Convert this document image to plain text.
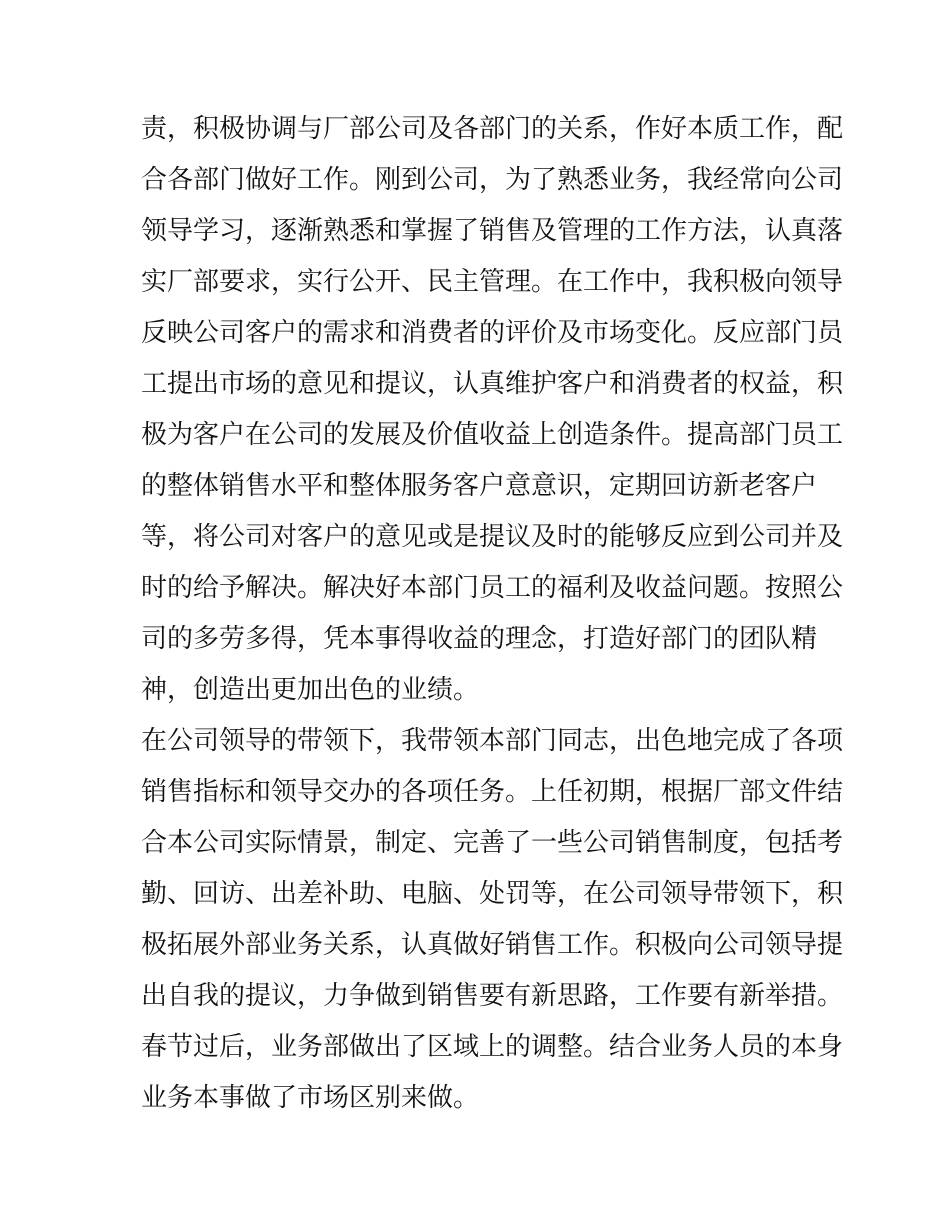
责，积极协调与厂部公司及各部门的关系，作好本质工作，配
合各部门做好工作。刚到公司，为了熟悉业务，我经常向公司
领导学习，逐渐熟悉和掌握了销售及管理的工作方法，认真落
实厂部要求，实行公开、民主管理。在工作中，我积极向领导
反映公司客户的需求和消费者的评价及市场变化。反应部门员
工提出市场的意见和提议，认真维护客户和消费者的权益，积
极为客户在公司的发展及价值收益上创造条件。提高部门员工
的整体销售水平和整体服务客户意意识，定期回访新老客户
等，将公司对客户的意见或是提议及时的能够反应到公司并及
时的给予解决。解决好本部门员工的福利及收益问题。按照公
司的多劳多得，凭本事得收益的理念，打造好部门的团队精
神，创造出更加出色的业绩。
在公司领导的带领下，我带领本部门同志，出色地完成了各项
销售指标和领导交办的各项任务。上任初期，根据厂部文件结
合本公司实际情景，制定、完善了一些公司销售制度，包括考
勤、回访、出差补助、电脑、处罚等，在公司领导带领下，积
极拓展外部业务关系，认真做好销售工作。积极向公司领导提
出自我的提议，力争做到销售要有新思路，工作要有新举措。
春节过后，业务部做出了区域上的调整。结合业务人员的本身
业务本事做了市场区别来做。
